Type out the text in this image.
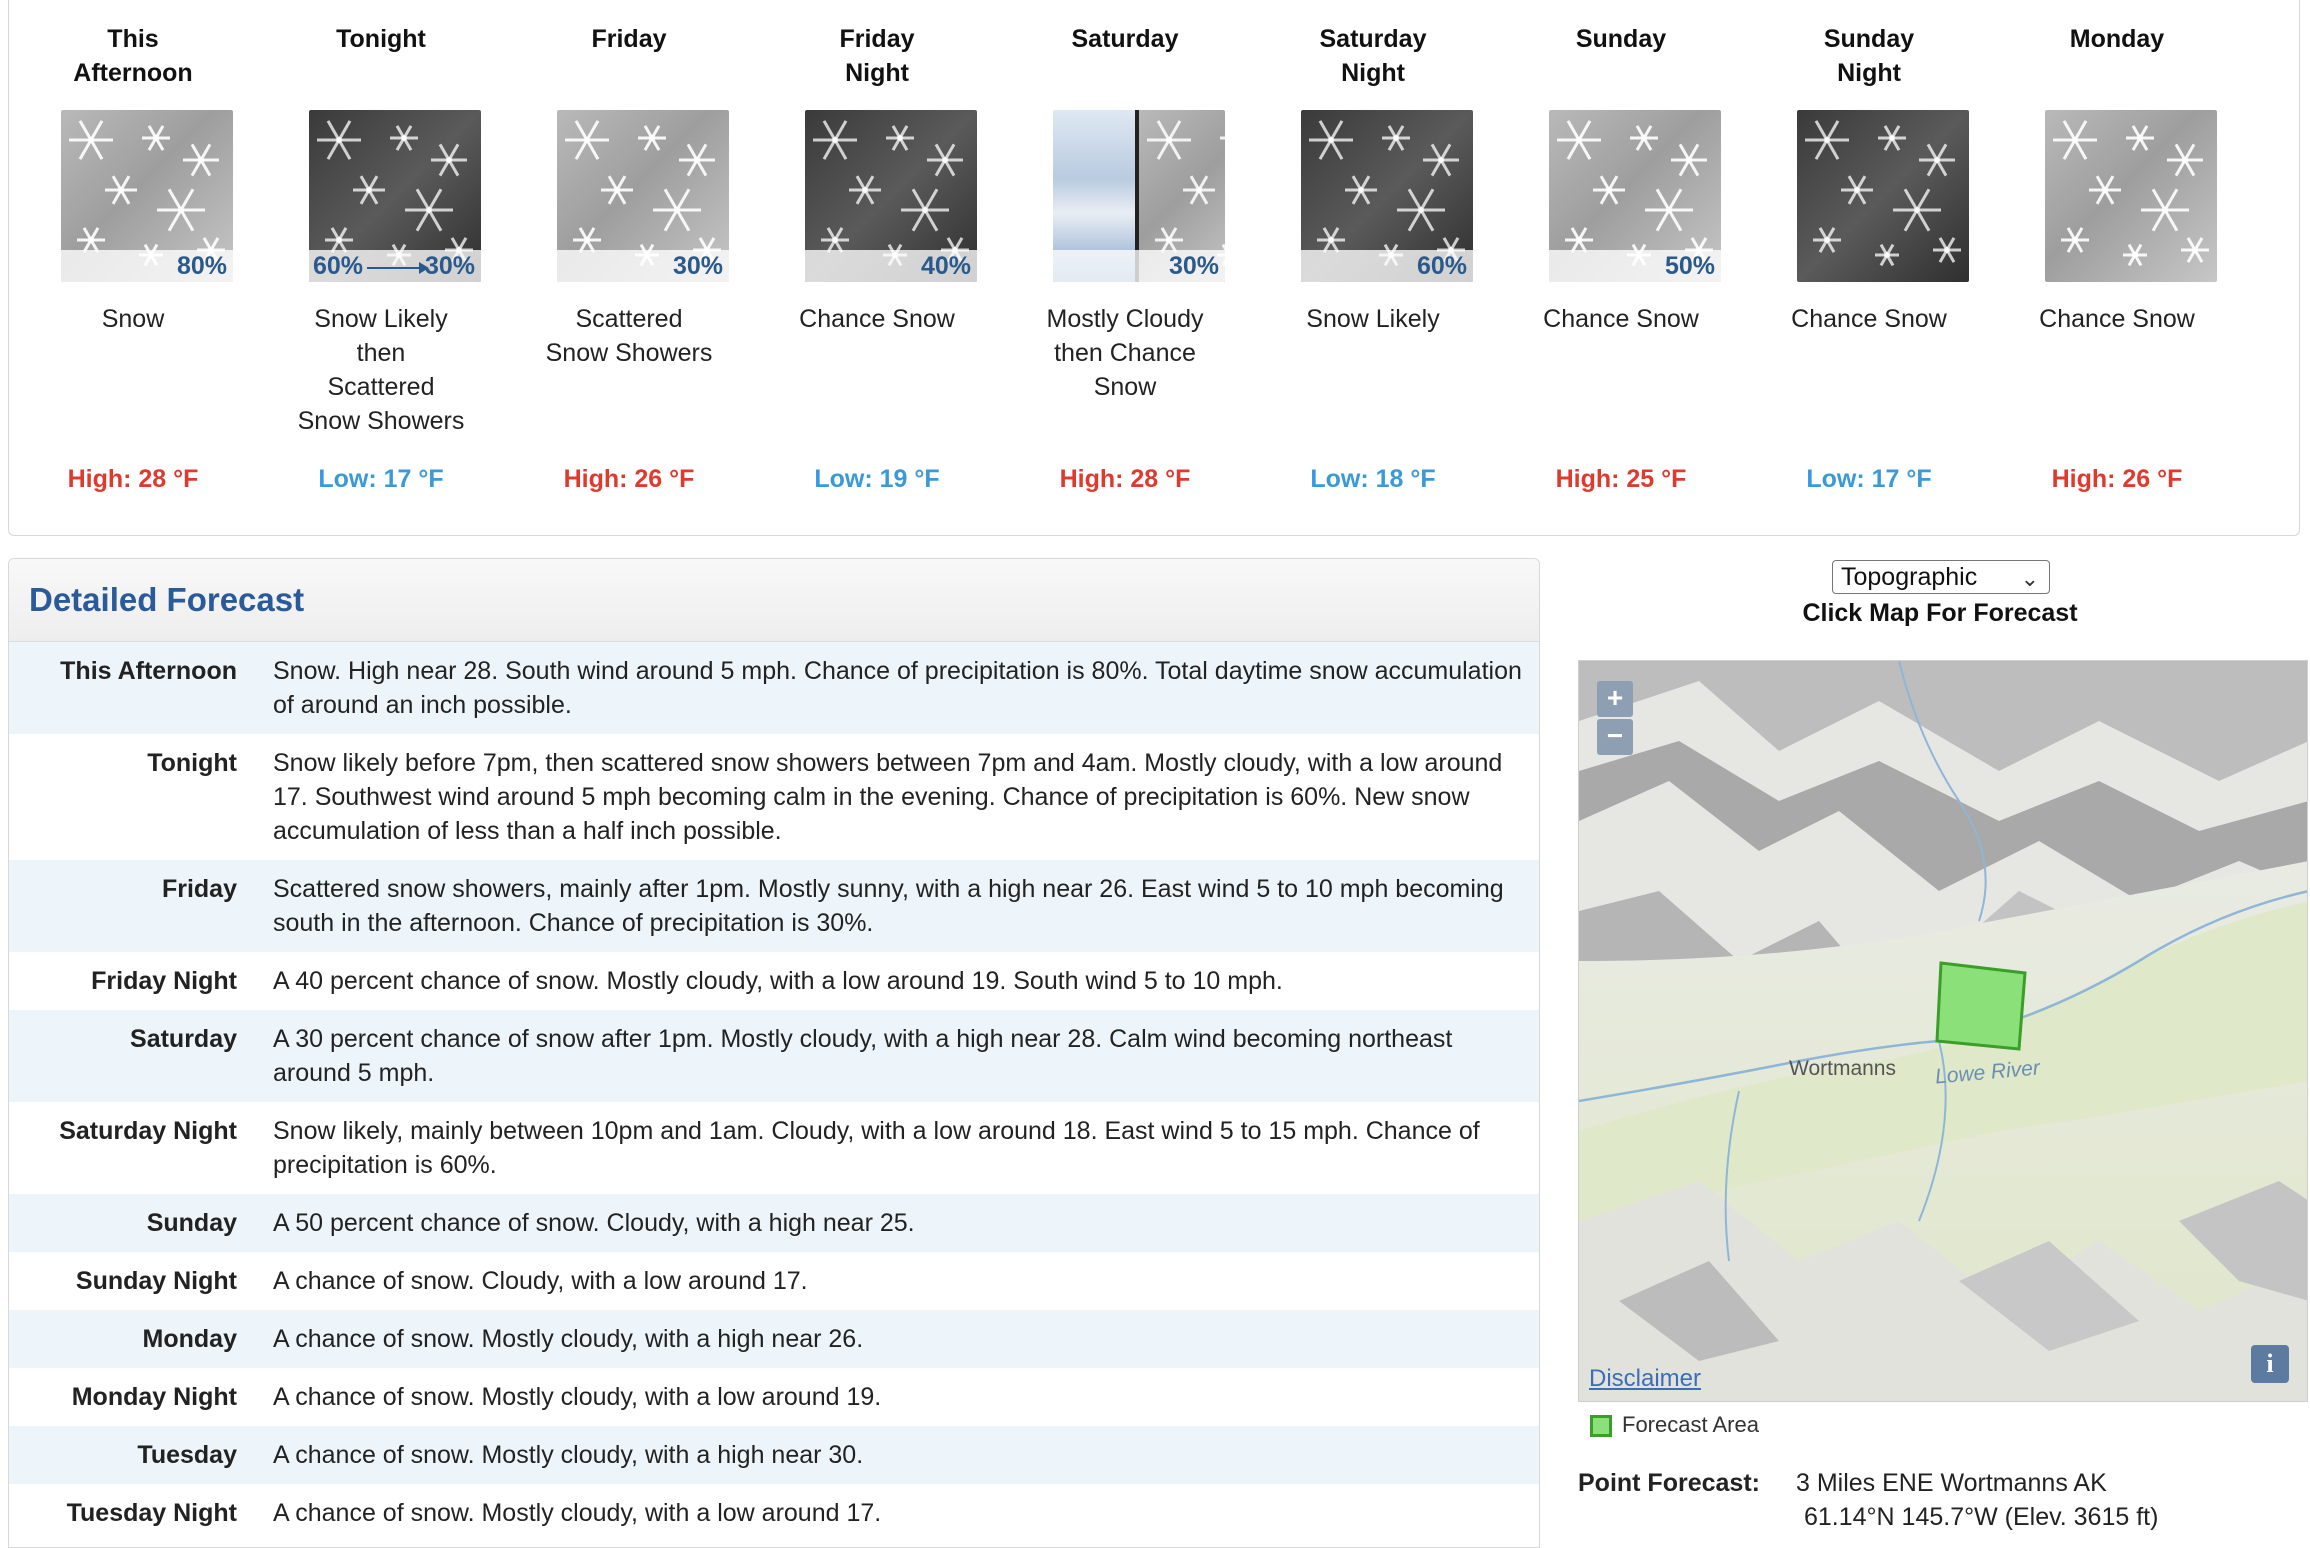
This
Afternoon
80%
Snow
High: 28 °F
Tonight
60% 30%
Snow Likely
then
Scattered
Snow Showers
Low: 17 °F
Friday
30%
Scattered
Snow Showers
High: 26 °F
Friday
Night
40%
Chance Snow
Low: 19 °F
Saturday
30%
Mostly Cloudy
then Chance
Snow
High: 28 °F
Saturday
Night
60%
Snow Likely
Low: 18 °F
Sunday
50%
Chance Snow
High: 25 °F
Sunday
Night
Chance Snow
Low: 17 °F
Monday
Chance Snow
High: 26 °F
Detailed Forecast
This Afternoon Snow. High near 28. South wind around 5 mph. Chance of precipitation is 80%. Total daytime snow accumulation of around an inch possible.
Tonight Snow likely before 7pm, then scattered snow showers between 7pm and 4am. Mostly cloudy, with a low around 17. Southwest wind around 5 mph becoming calm in the evening. Chance of precipitation is 60%. New snow accumulation of less than a half inch possible.
Friday Scattered snow showers, mainly after 1pm. Mostly sunny, with a high near 26. East wind 5 to 10 mph becoming south in the afternoon. Chance of precipitation is 30%.
Friday Night A 40 percent chance of snow. Mostly cloudy, with a low around 19. South wind 5 to 10 mph.
Saturday A 30 percent chance of snow after 1pm. Mostly cloudy, with a high near 28. Calm wind becoming northeast around 5 mph.
Saturday Night Snow likely, mainly between 10pm and 1am. Cloudy, with a low around 18. East wind 5 to 15 mph. Chance of precipitation is 60%.
Sunday A 50 percent chance of snow. Cloudy, with a high near 25.
Sunday Night A chance of snow. Cloudy, with a low around 17.
Monday A chance of snow. Mostly cloudy, with a high near 26.
Monday Night A chance of snow. Mostly cloudy, with a low around 19.
Tuesday A chance of snow. Mostly cloudy, with a high near 30.
Tuesday Night A chance of snow. Mostly cloudy, with a low around 17.
Topographic ⌄
Click Map For Forecast
Wortmanns Lowe River
+
−
Disclaimer
i
Forecast Area
Point Forecast: 3 Miles ENE Wortmanns AK
61.14°N 145.7°W (Elev. 3615 ft)
